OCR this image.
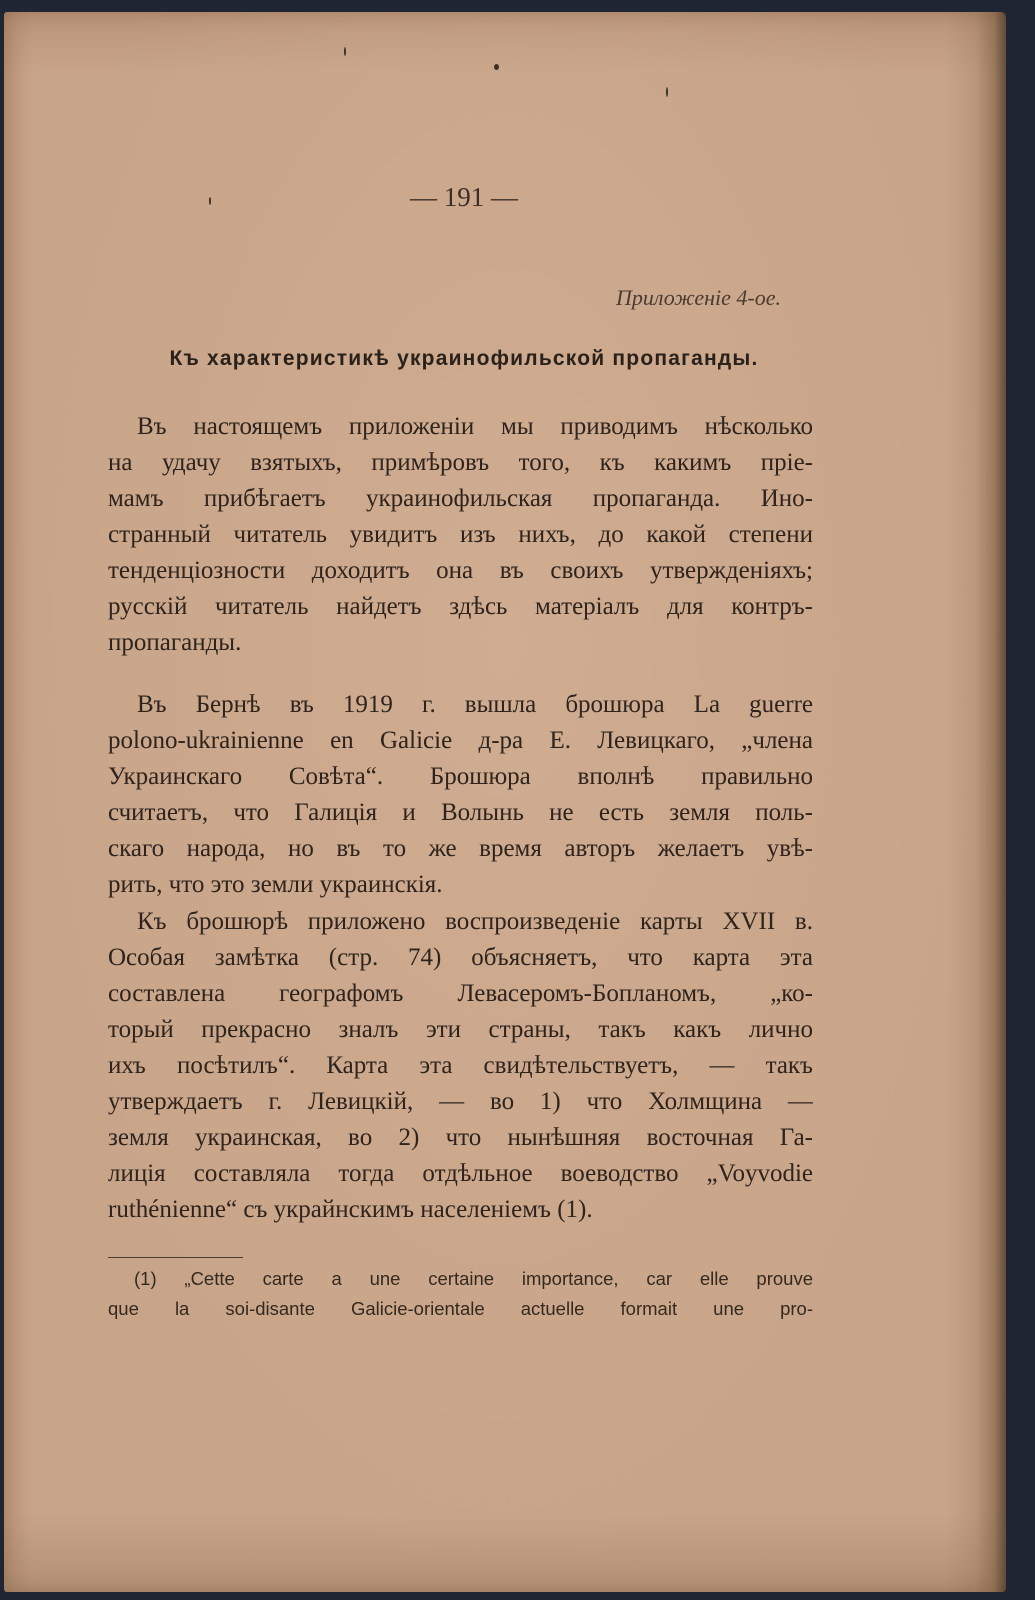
— 191 —
Приложеніе 4-ое.
Къ характеристикѣ украинофильской пропаганды.
Въ настоящемъ приложеніи мы приводимъ нѣсколько
на удачу взятыхъ, примѣровъ того, къ какимъ пріе-
мамъ прибѣгаетъ украинофильская пропаганда. Ино-
странный читатель увидитъ изъ нихъ, до какой степени
тенденціозности доходитъ она въ своихъ утвержденіяхъ;
русскій читатель найдетъ здѣсь матеріалъ для контръ-
пропаганды.
Въ Бернѣ въ 1919 г. вышла брошюра La guerre
polono-ukrainienne en Galicie д-ра Е. Левицкаго, „члена
Украинскаго Совѣта“. Брошюра вполнѣ правильно
считаетъ, что Галиція и Волынь не есть земля поль-
скаго народа, но въ то же время авторъ желаетъ увѣ-
рить, что это земли украинскія.
Къ брошюрѣ приложено воспроизведеніе карты XVII в.
Особая замѣтка (стр. 74) объясняетъ, что карта эта
составлена географомъ Левасеромъ-Бопланомъ, „ко-
торый прекрасно зналъ эти страны, такъ какъ лично
ихъ посѣтилъ“. Карта эта свидѣтельствуетъ, — такъ
утверждаетъ г. Левицкій, — во 1) что Холмщина —
земля украинская, во 2) что нынѣшняя восточная Га-
лиція составляла тогда отдѣльное воеводство „Voyvodie
ruthénienne“ съ украйнскимъ населеніемъ (1).
(1) „Cette carte a une certaine importance, car elle prouve
que la soi-disante Galicie-orientale actuelle formait une pro-
